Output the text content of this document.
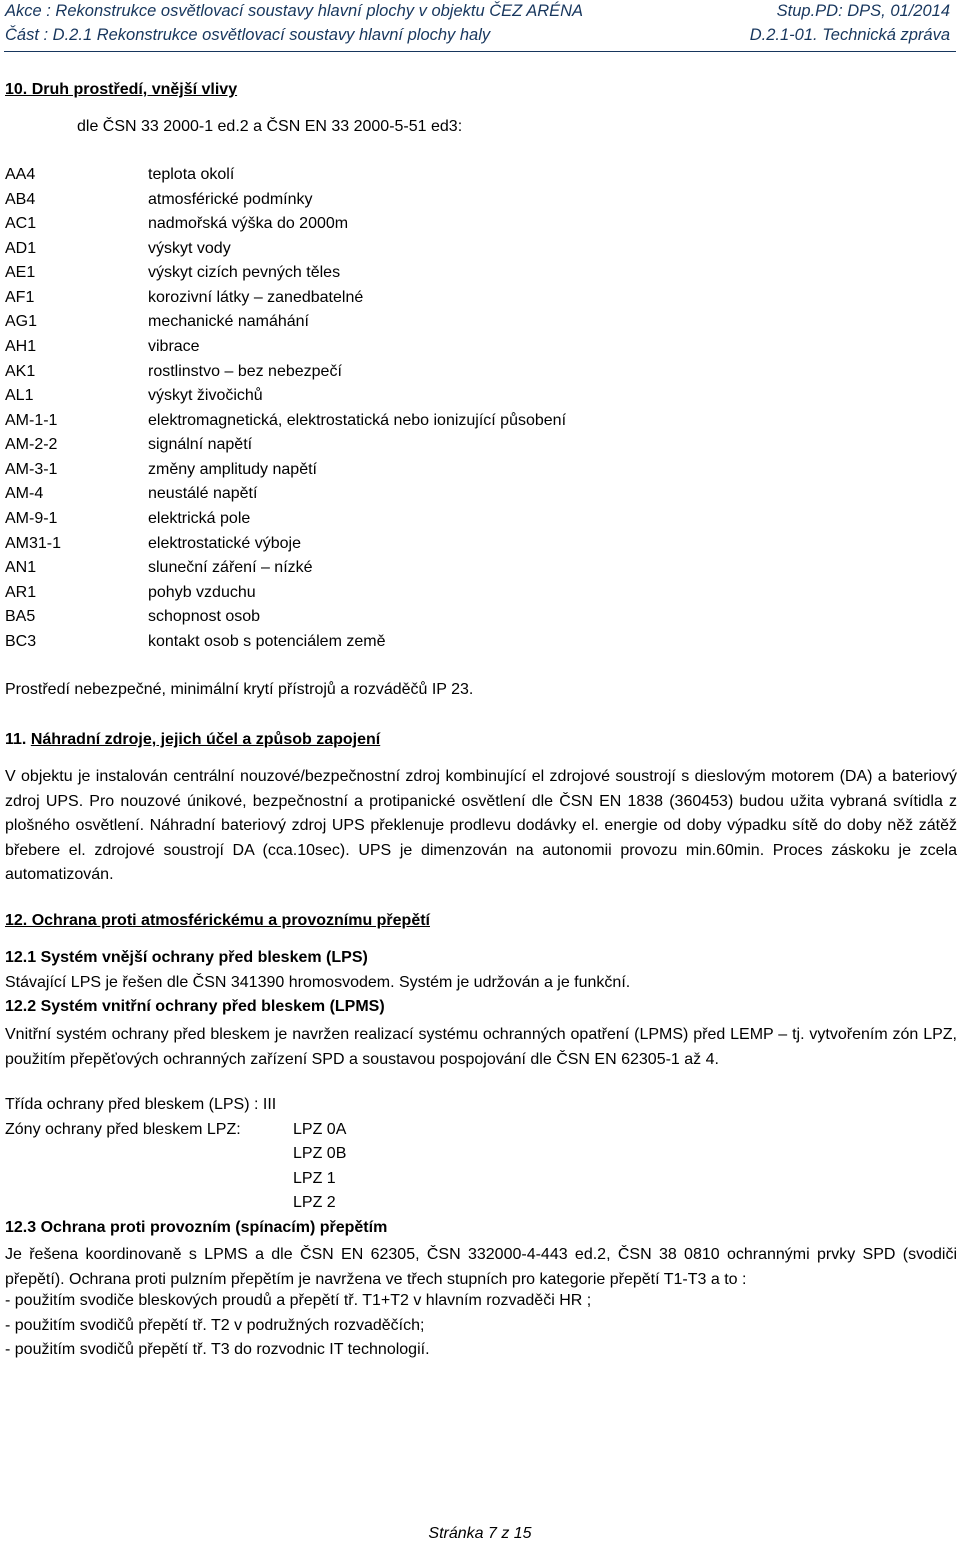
Akce : Rekonstrukce osvětlovací soustavy hlavní plochy v objektu ČEZ ARÉNA	Stup.PD: DPS, 01/2014
Část : D.2.1 Rekonstrukce osvětlovací soustavy hlavní plochy haly	D.2.1-01. Technická zpráva
10. Druh prostředí, vnější vlivy
dle ČSN 33 2000-1 ed.2 a ČSN EN 33 2000-5-51 ed3:
AA4	teplota okolí
AB4	atmosférické podmínky
AC1	nadmořská výška do 2000m
AD1	výskyt vody
AE1	výskyt cizích pevných těles
AF1	korozivní látky – zanedbatelné
AG1	mechanické namáhání
AH1	vibrace
AK1	rostlinstvo – bez nebezpečí
AL1	výskyt živočichů
AM-1-1	elektromagnetická, elektrostatická nebo ionizující působení
AM-2-2	signální napětí
AM-3-1	změny amplitudy napětí
AM-4	neustálé napětí
AM-9-1	elektrická pole
AM31-1	elektrostatické výboje
AN1	sluneční záření – nízké
AR1	pohyb vzduchu
BA5	schopnost osob
BC3	kontakt osob s potenciálem země
Prostředí nebezpečné, minimální krytí přístrojů a rozváděčů IP 23.
11. Náhradní zdroje, jejich účel a způsob zapojení

V objektu je instalován centrální nouzové/bezpečnostní zdroj kombinující el zdrojové soustrojí s dieslovým motorem (DA) a bateriový zdroj UPS. Pro nouzové únikové, bezpečnostní a protipanické osvětlení dle ČSN EN 1838 (360453) budou užita vybraná svítidla z plošného osvětlení. Náhradní bateriový zdroj UPS překlenuje prodlevu dodávky el. energie od doby výpadku sítě do doby něž zátěž břebere el. zdrojové soustrojí DA (cca.10sec). UPS je dimenzován na autonomii provozu min.60min. Proces záskoku je zcela automatizován.

12. Ochrana proti atmosférickému a provoznímu přepětí
12.1 Systém vnější ochrany před bleskem (LPS)
Stávající LPS je řešen dle ČSN 341390 hromosvodem. Systém je udržován a je funkční.
12.2 Systém vnitřní ochrany před bleskem (LPMS)

Vnitřní systém ochrany před bleskem je navržen realizací systému ochranných opatření (LPMS) před LEMP – tj. vytvořením zón LPZ, použitím přepěťových ochranných zařízení SPD a soustavou pospojování dle ČSN EN 62305-1 až 4.

Třída ochrany před bleskem (LPS) : III
Zóny ochrany před bleskem LPZ:	LPZ 0A
LPZ 0B
LPZ 1
LPZ 2
12.3 Ochrana proti provozním (spínacím) přepětím

Je řešena koordinovaně s LPMS a dle ČSN EN 62305, ČSN 332000-4-443 ed.2, ČSN 38 0810 ochrannými prvky SPD (svodiči přepětí). Ochrana proti pulzním přepětím je navržena ve třech stupních pro kategorie přepětí T1-T3 a to :

- použitím svodiče bleskových proudů a přepětí tř. T1+T2 v hlavním rozvaděči HR ;
- použitím svodičů přepětí tř. T2 v podružných rozvaděčích;
- použitím svodičů přepětí tř. T3 do rozvodnic IT technologií.
Stránka 7 z 15
